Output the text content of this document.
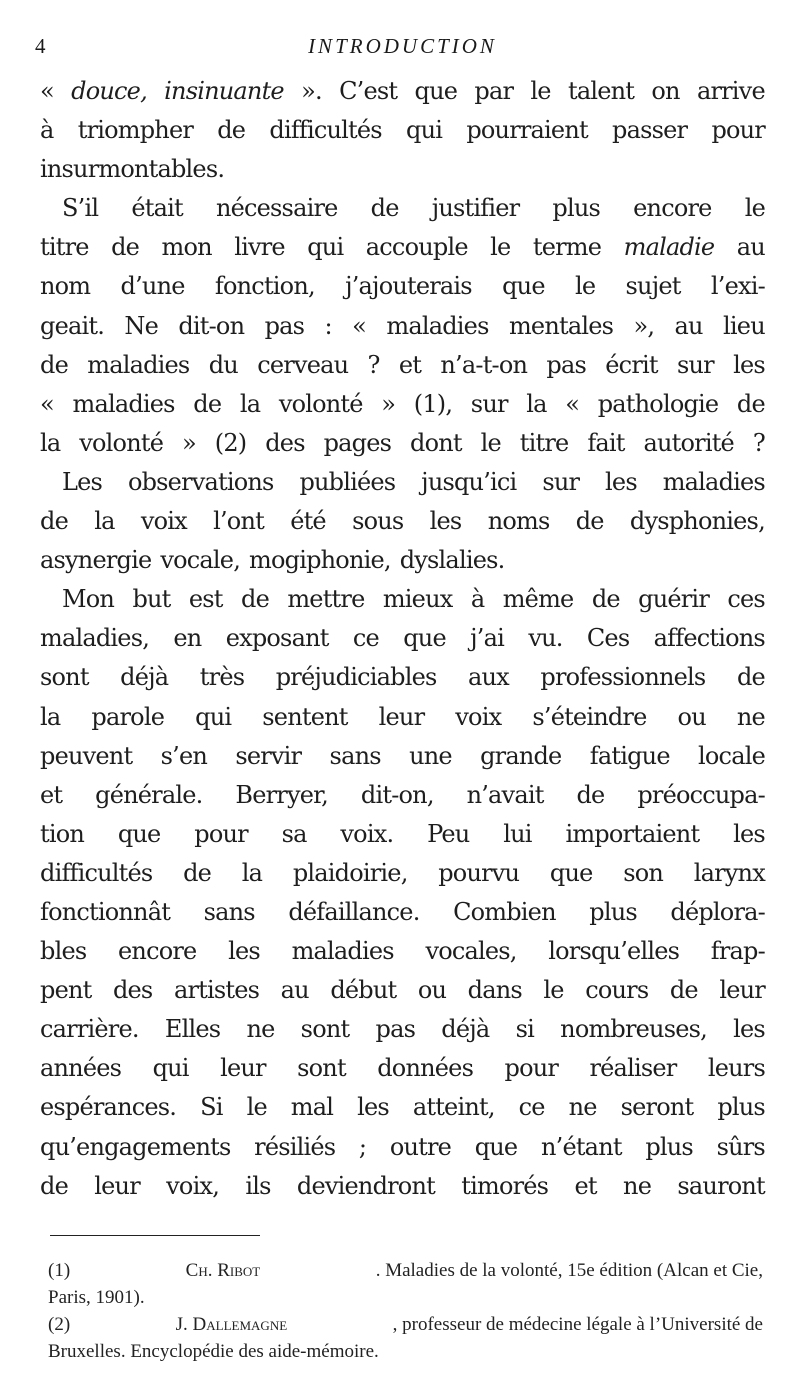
4	INTRODUCTION
« douce, insinuante ». C’est que par le talent on arrive
à triompher de difficultés qui pourraient passer pour
insurmontables.
S’il était nécessaire de justifier plus encore le
titre de mon livre qui accouple le terme maladie au
nom d’une fonction, j’ajouterais que le sujet l’exi-
geait. Ne dit-on pas : « maladies mentales », au lieu
de maladies du cerveau ? et n’a-t-on pas écrit sur les
« maladies de la volonté » (1), sur la « pathologie de
la volonté » (2) des pages dont le titre fait autorité ?
Les observations publiées jusqu’ici sur les maladies
de la voix l’ont été sous les noms de dysphonies,
asynergie vocale, mogiphonie, dyslalies.
Mon but est de mettre mieux à même de guérir ces
maladies, en exposant ce que j’ai vu. Ces affections
sont déjà très préjudiciables aux professionnels de
la parole qui sentent leur voix s’éteindre ou ne
peuvent s’en servir sans une grande fatigue locale
et générale. Berryer, dit-on, n’avait de préoccupa-
tion que pour sa voix. Peu lui importaient les
difficultés de la plaidoirie, pourvu que son larynx
fonctionnât sans défaillance. Combien plus déplora-
bles encore les maladies vocales, lorsqu’elles frap-
pent des artistes au début ou dans le cours de leur
carrière. Elles ne sont pas déjà si nombreuses, les
années qui leur sont données pour réaliser leurs
espérances. Si le mal les atteint, ce ne seront plus
qu’engagements résiliés ; outre que n’étant plus sûrs
de leur voix, ils deviendront timorés et ne sauront
(1)	Ch. Ribot	. Maladies de la volonté, 15e édition (Alcan et Cie,
Paris, 1901).
(2)	J. Dallemagne	, professeur de médecine légale à l’Université de
Bruxelles. Encyclopédie des aide-mémoire.
